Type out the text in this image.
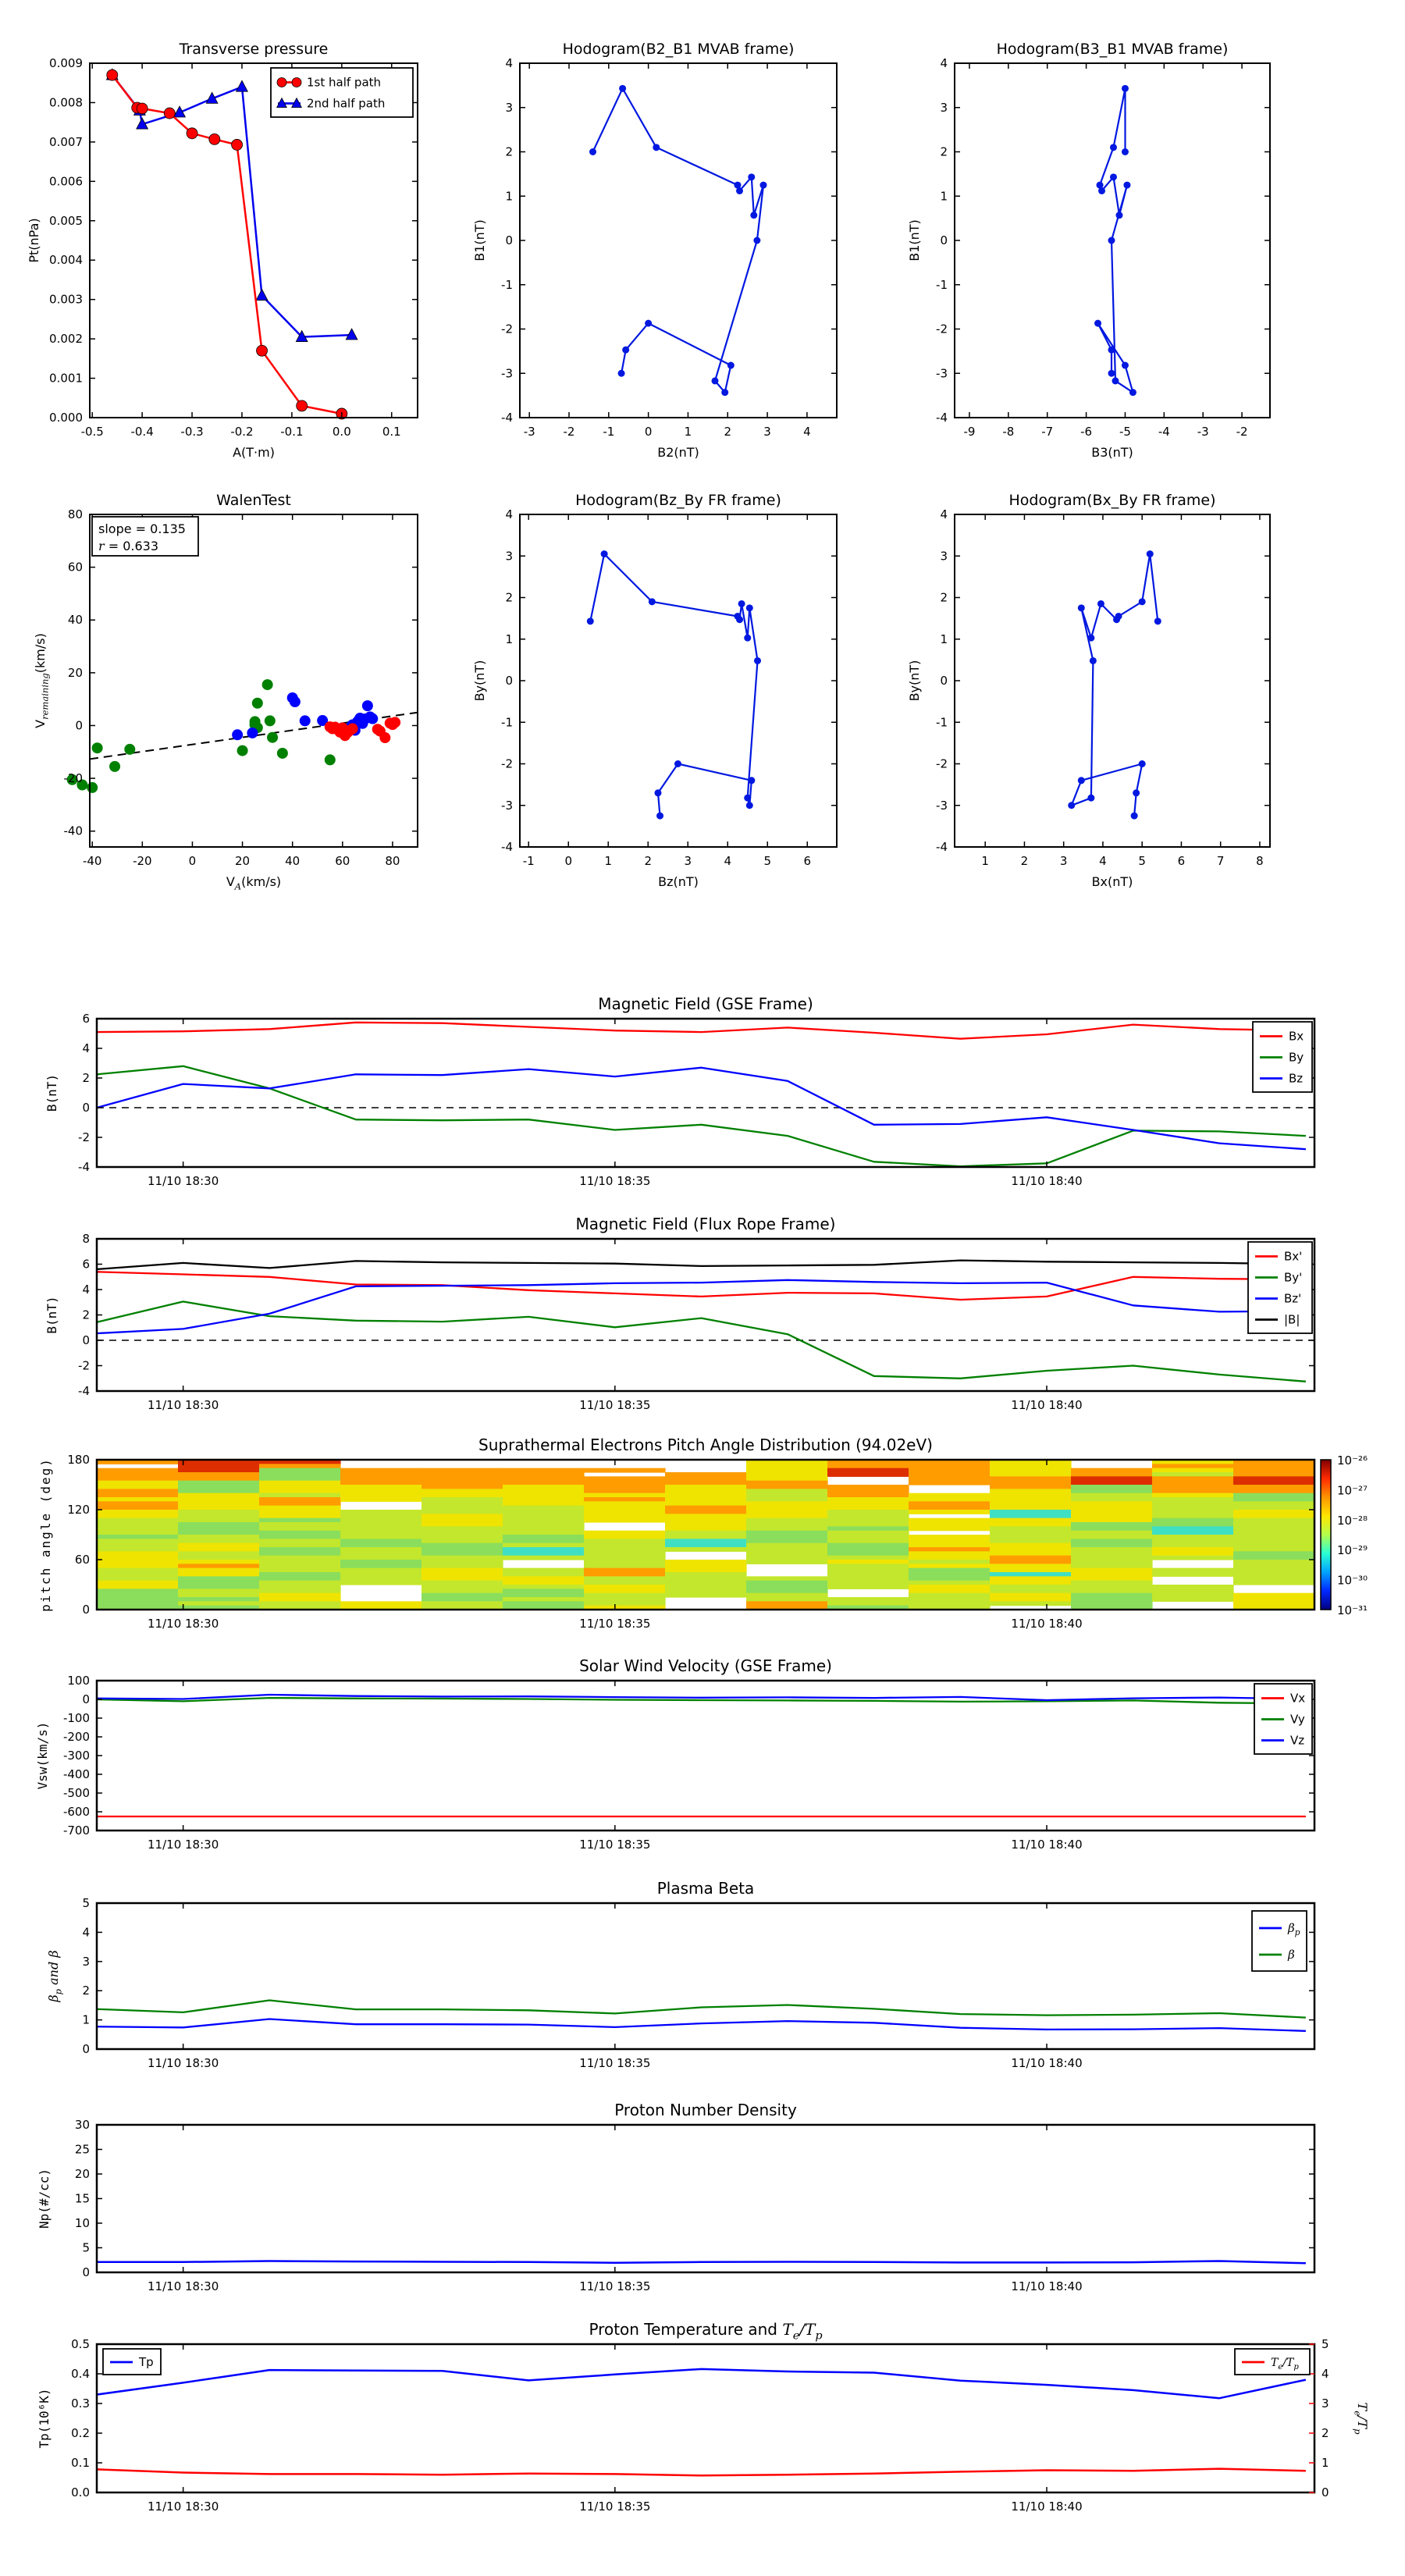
-0.5 -0.4 -0.3 -0.2 -0.1 0.0	0.1
0.000
0.001
0.002
0.003
0.004
0.005
0.006
0.007
0.008
0.009
Transverse pressure
A(T·m)
Pt(nPa)
1st half path
2nd half path
-3 -2 -1	0	1	2	3	4
-4
-3
-2
-1
0
1
2
3
4
Hodogram(B2_B1 MVAB frame)
B2(nT)
B1(nT)
-9 -8 -7 -6 -5 -4 -3 -2
-4
-3
-2
-1
0
1
2
3
4
Hodogram(B3_B1 MVAB frame)
B3(nT)
B1(nT)
-40	-20	0	20	40	60	80
-40
-20
0
20
40
60
80
WalenTest
$V_A(km/s)$
$V_{remaining}(km/s)$
slope = 0.135
r = 0.633
-1	0	1	2	3	4	5	6
-4
-3
-2
-1
0
1
2
3
4
Hodogram(Bz_By FR frame)
Bz(nT)
By(nT)
1	2	3	4	5	6	7	8
-4
-3
-2
-1
0
1
2
3
4
Hodogram(Bx_By FR frame)
Bx(nT)
By(nT)
11/10 18:30	11/10 18:35	11/10 18:40
-4
-2
0
2
4
6
Magnetic Field (GSE Frame)
B(nT)
Bx
By
Bz
11/10 18:30	11/10 18:35	11/10 18:40
-4
-2
0
2
4
6
8
Magnetic Field (Flux Rope Frame)
B(nT)
Bx'
By'
Bz'
|B|
11/10 18:30	11/10 18:35	11/10 18:40
0
60
120
180
Suprathermal Electrons Pitch Angle Distribution (94.02eV)
pitch angle (deg)	10⁻²⁶
10⁻²⁷
10⁻²⁸
10⁻²⁹
10⁻³⁰
10⁻³¹
11/10 18:30	11/10 18:35	11/10 18:40
100
0
-100
-200
-300
-400
-500
-600
-700
Solar Wind Velocity (GSE Frame)
Vsw(km/s)
Vx
Vy
Vz
11/10 18:30	11/10 18:35	11/10 18:40
0
1
2
3
4
5
Plasma Beta
$\beta_p$ and β
$\beta_p$
β
11/10 18:30	11/10 18:35	11/10 18:40
0
5
10
15
20
25
30
Proton Number Density
Np(#/cc)
11/10 18:30	11/10 18:35	11/10 18:40
0.0
0.1
0.2
0.3
0.4
0.5
0
1
2
3
4
5
$T_e/T_p$
Proton Temperature and $T_e/T_p$
Tp(10⁶K)
Tp	$T_e/T_p$
